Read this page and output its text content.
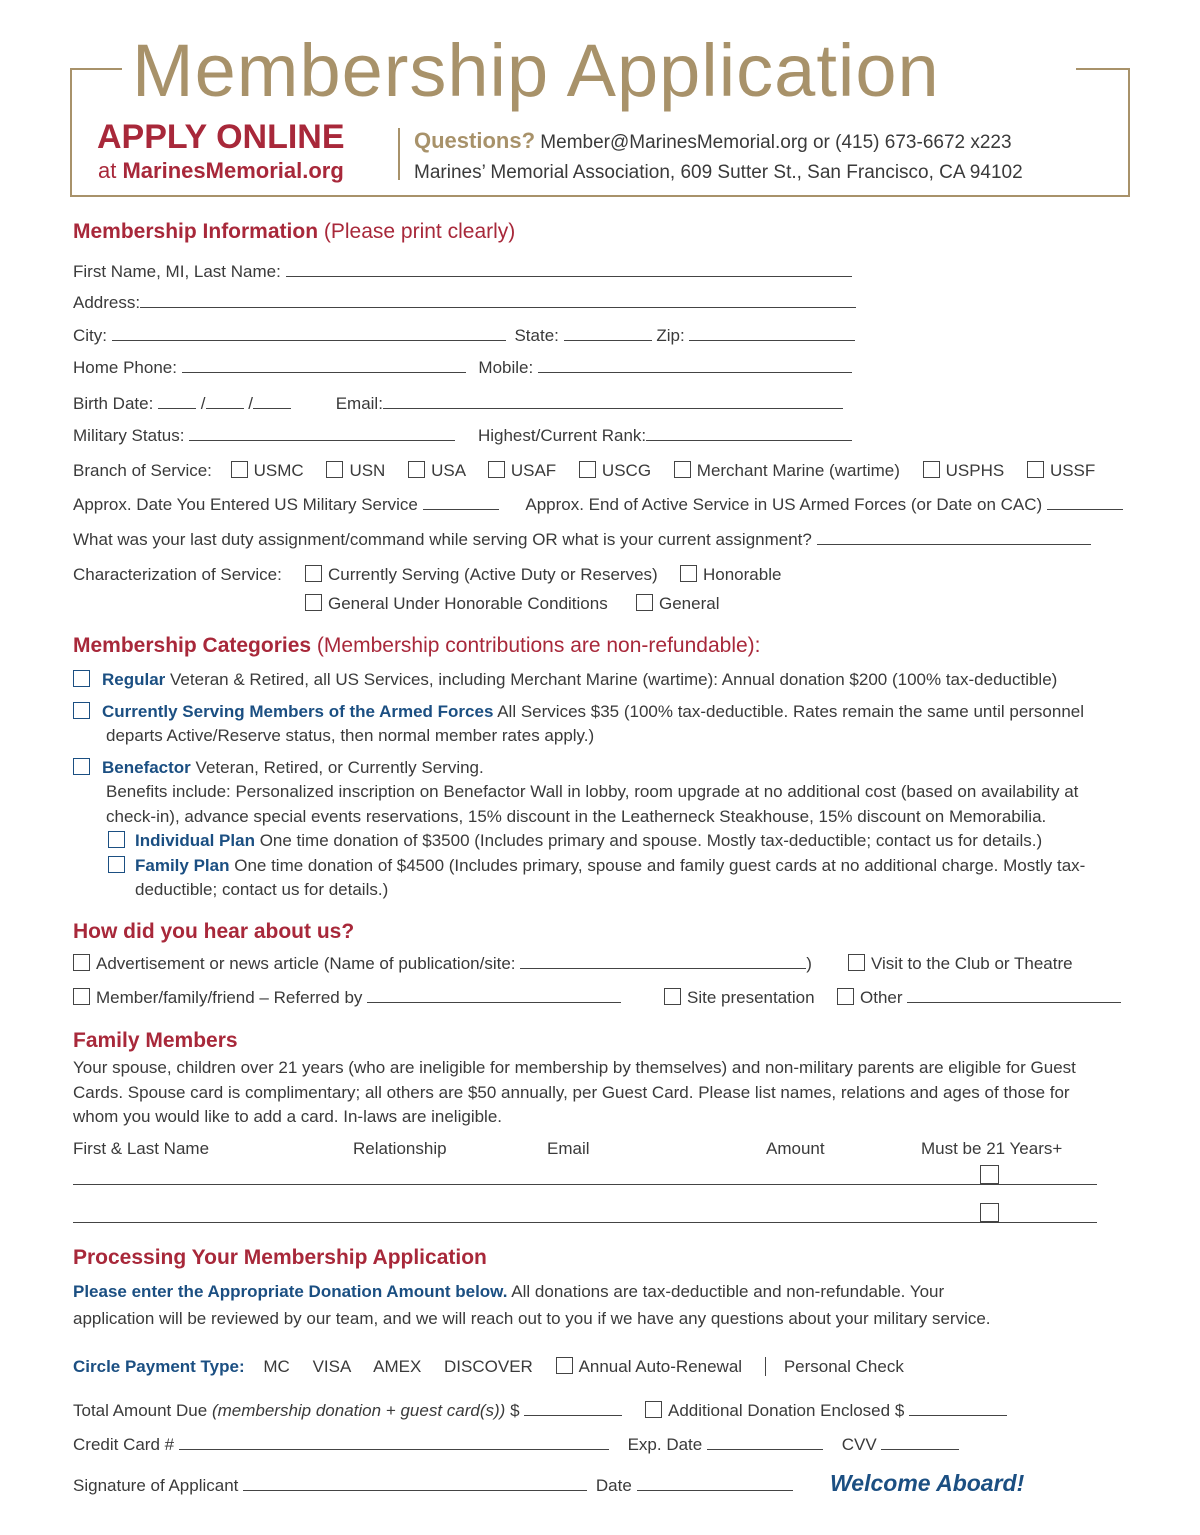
Membership Application
APPLY ONLINE
at MarinesMemorial.org
Questions? Member@MarinesMemorial.org or (415) 673-6672 x223
Marines’ Memorial Association, 609 Sutter St., San Francisco, CA 94102
Membership Information (Please print clearly)
First Name, MI, Last Name:
Address:
City:	State:	Zip:
Home Phone:	Mobile:
Birth Date:	/ /	Email:
Military Status:	Highest/Current Rank:
Branch of Service: USMC	USN	USA	USAF	USCG	Merchant Marine (wartime)	USPHS	USSF
Approx. Date You Entered US Military Service	Approx. End of Active Service in US Armed Forces (or Date on CAC)
What was your last duty assignment/command while serving OR what is your current assignment?
Characterization of Service:	Currently Serving (Active Duty or Reserves)	Honorable
General Under Honorable Conditions	General
Membership Categories (Membership contributions are non-refundable):
Regular Veteran & Retired, all US Services, including Merchant Marine (wartime): Annual donation $200 (100% tax-deductible)
Currently Serving Members of the Armed Forces All Services $35 (100% tax-deductible. Rates remain the same until personnel
departs Active/Reserve status, then normal member rates apply.)
Benefactor Veteran, Retired, or Currently Serving.
Benefits include: Personalized inscription on Benefactor Wall in lobby, room upgrade at no additional cost (based on availability at
check-in), advance special events reservations, 15% discount in the Leatherneck Steakhouse, 15% discount on Memorabilia.
Individual Plan One time donation of $3500 (Includes primary and spouse. Mostly tax-deductible; contact us for details.)
Family Plan One time donation of $4500 (Includes primary, spouse and family guest cards at no additional charge. Mostly tax-
deductible; contact us for details.)
How did you hear about us?
Advertisement or news article (Name of publication/site:	)	Visit to the Club or Theatre
Member/family/friend – Referred by	Site presentation	Other
Family Members
Your spouse, children over 21 years (who are ineligible for membership by themselves) and non-military parents are eligible for Guest
Cards. Spouse card is complimentary; all others are $50 annually, per Guest Card. Please list names, relations and ages of those for
whom you would like to add a card. In-laws are ineligible.
First & Last Name	Relationship	Email	Amount	Must be 21 Years+
Processing Your Membership Application
Please enter the Appropriate Donation Amount below. All donations are tax-deductible and non-refundable. Your
application will be reviewed by our team, and we will reach out to you if we have any questions about your military service.
Circle Payment Type: MC VISA AMEX DISCOVER	Annual Auto-Renewal Personal Check
Total Amount Due (membership donation + guest card(s)) $	Additional Donation Enclosed $
Credit Card #	Exp. Date	CVV
Signature of Applicant	Date	Welcome Aboard!
